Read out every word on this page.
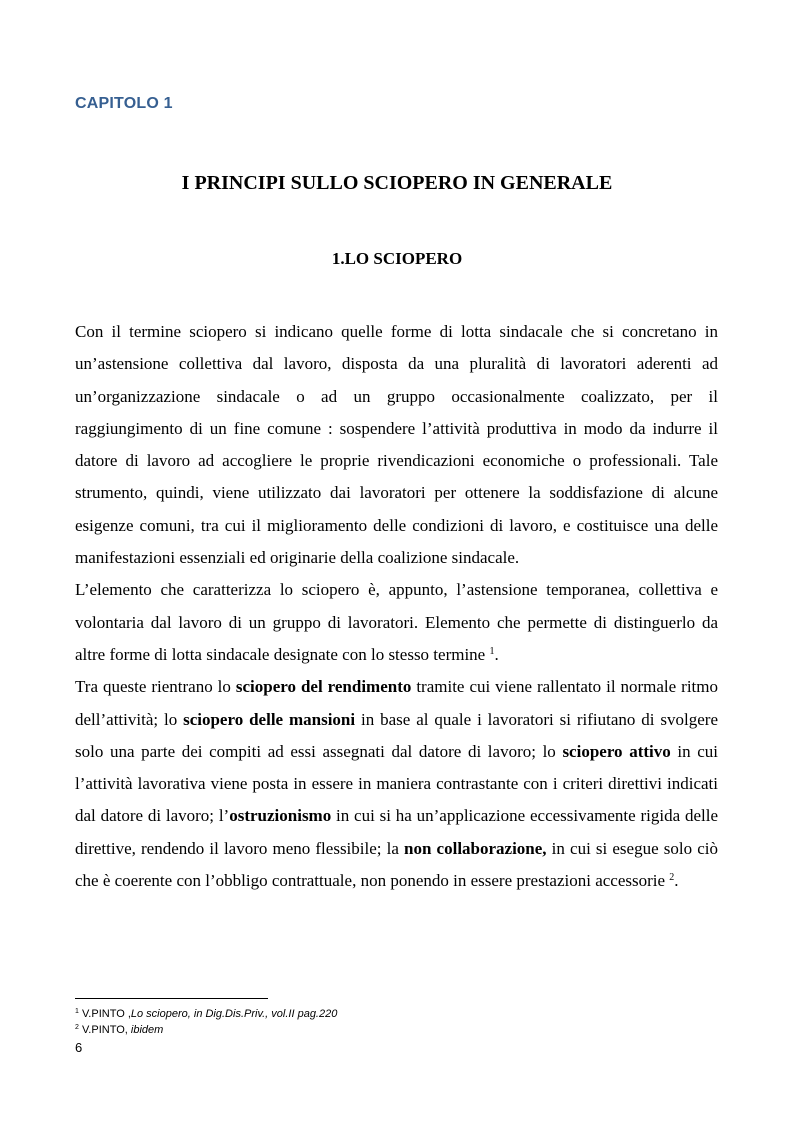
CAPITOLO 1
I PRINCIPI SULLO SCIOPERO IN GENERALE
1.LO SCIOPERO

Con il termine sciopero si indicano quelle forme di lotta sindacale che si concretano in un’astensione collettiva dal lavoro, disposta da una pluralità di lavoratori aderenti ad un’organizzazione sindacale o ad un gruppo occasionalmente coalizzato, per il raggiungimento di un fine comune : sospendere l’attività produttiva in modo da indurre il datore di lavoro ad accogliere le proprie rivendicazioni economiche o professionali. Tale strumento, quindi, viene utilizzato dai lavoratori per ottenere la soddisfazione di alcune esigenze comuni, tra cui il miglioramento delle condizioni di lavoro, e costituisce una delle manifestazioni essenziali ed originarie della coalizione sindacale.

L’elemento che caratterizza lo sciopero è, appunto, l’astensione temporanea, collettiva e volontaria dal lavoro di un gruppo di lavoratori. Elemento che permette di distinguerlo da altre forme di lotta sindacale designate con lo stesso termine $^1$.

Tra queste rientrano lo sciopero del rendimento tramite cui viene rallentato il normale ritmo dell’attività; lo sciopero delle mansioni in base al quale i lavoratori si rifiutano di svolgere solo una parte dei compiti ad essi assegnati dal datore di lavoro; lo sciopero attivo in cui l’attività lavorativa viene posta in essere in maniera contrastante con i criteri direttivi indicati dal datore di lavoro; l’ostruzionismo in cui si ha un’applicazione eccessivamente rigida delle direttive, rendendo il lavoro meno flessibile; la non collaborazione, in cui si esegue solo ciò che è coerente con l’obbligo contrattuale, non ponendo in essere prestazioni accessorie $^2$.

$^1$ V.PINTO ,Lo sciopero, in Dig.Dis.Priv., vol.II pag.220
$^2$ V.PINTO, ibidem
6
